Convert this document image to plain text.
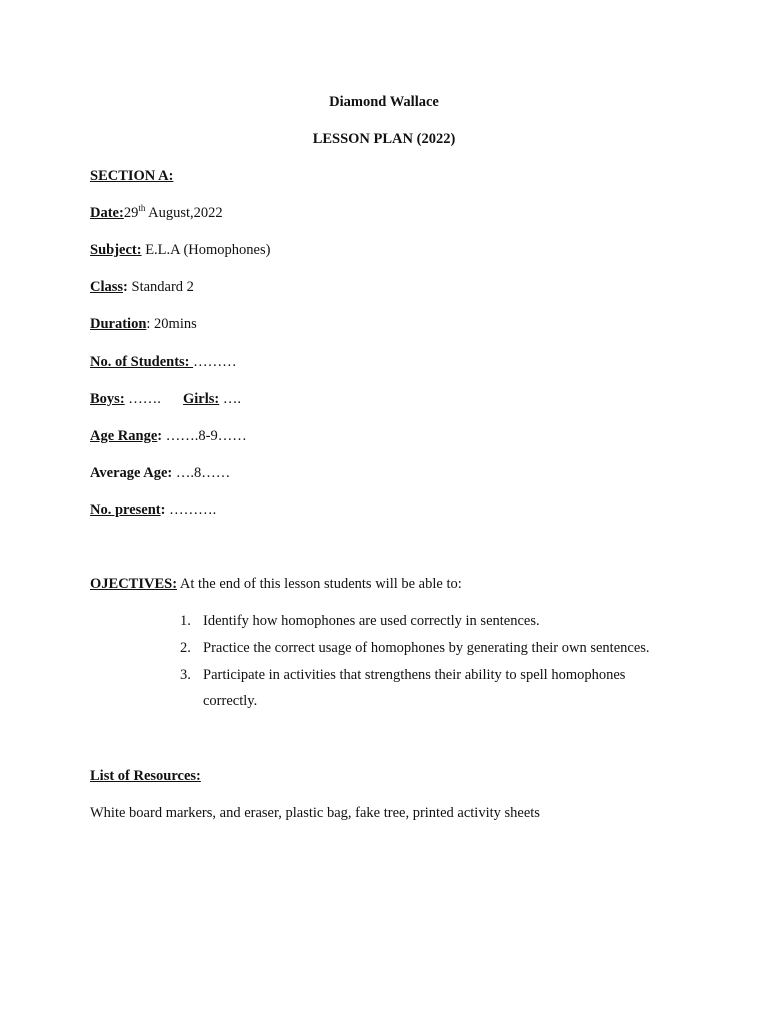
Diamond Wallace
LESSON PLAN (2022)
SECTION A:
Date:29th August,2022
Subject: E.L.A (Homophones)
Class: Standard 2
Duration: 20mins
No. of Students: ………
Boys: ……. Girls: ….
Age Range: …….8-9……
Average Age: ….8……
No. present: ……….
OJECTIVES: At the end of this lesson students will be able to:
1. Identify how homophones are used correctly in sentences.
2. Practice the correct usage of homophones by generating their own sentences.
3. Participate in activities that strengthens their ability to spell homophones
correctly.
List of Resources:
White board markers, and eraser, plastic bag, fake tree, printed activity sheets
